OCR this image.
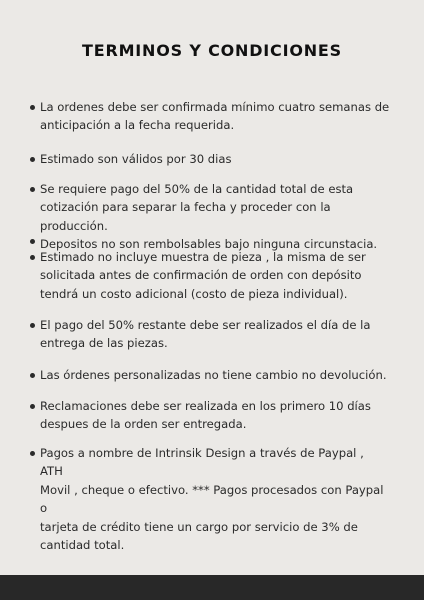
TERMINOS Y CONDICIONES
La ordenes debe ser confirmada mínimo cuatro semanas de
anticipación a la fecha requerida.
Estimado son válidos por 30 dias
Se requiere pago del 50% de la cantidad total de esta
cotización para separar la fecha y proceder con la producción.
Depositos no son rembolsables bajo ninguna circunstacia.
Estimado no incluye muestra de pieza , la misma de ser
solicitada antes de confirmación de orden con depósito
tendrá un costo adicional (costo de pieza individual).
El pago del 50% restante debe ser realizados el día de la
entrega de las piezas.
Las órdenes personalizadas no tiene cambio no devolución.
Reclamaciones debe ser realizada en los primero 10 días
despues de la orden ser entregada.
Pagos a nombre de Intrinsik Design a través de Paypal , ATH
Movil , cheque o efectivo. *** Pagos procesados con Paypal o
tarjeta de crédito tiene un cargo por servicio de 3% de
cantidad total.
